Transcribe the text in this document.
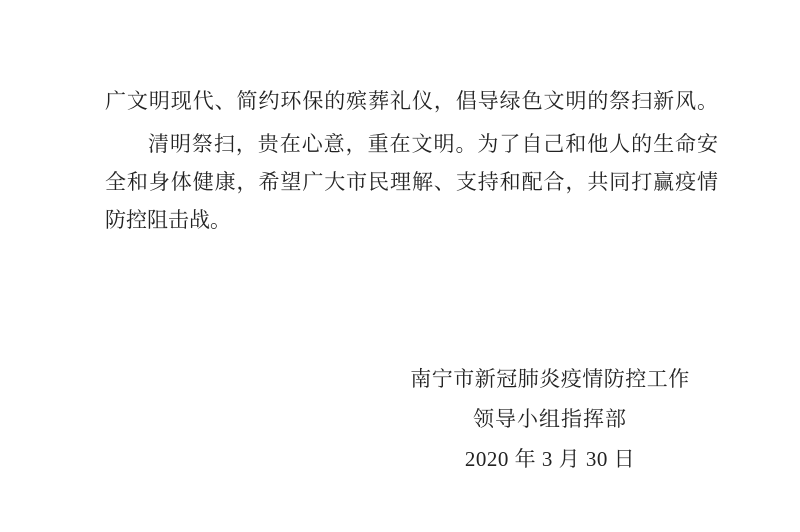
广文明现代、简约环保的殡葬礼仪，倡导绿色文明的祭扫新风。
清明祭扫，贵在心意，重在文明。为了自己和他人的生命安
全和身体健康，希望广大市民理解、支持和配合，共同打赢疫情
防控阻击战。
南宁市新冠肺炎疫情防控工作
领导小组指挥部
2020 年 3 月 30 日
